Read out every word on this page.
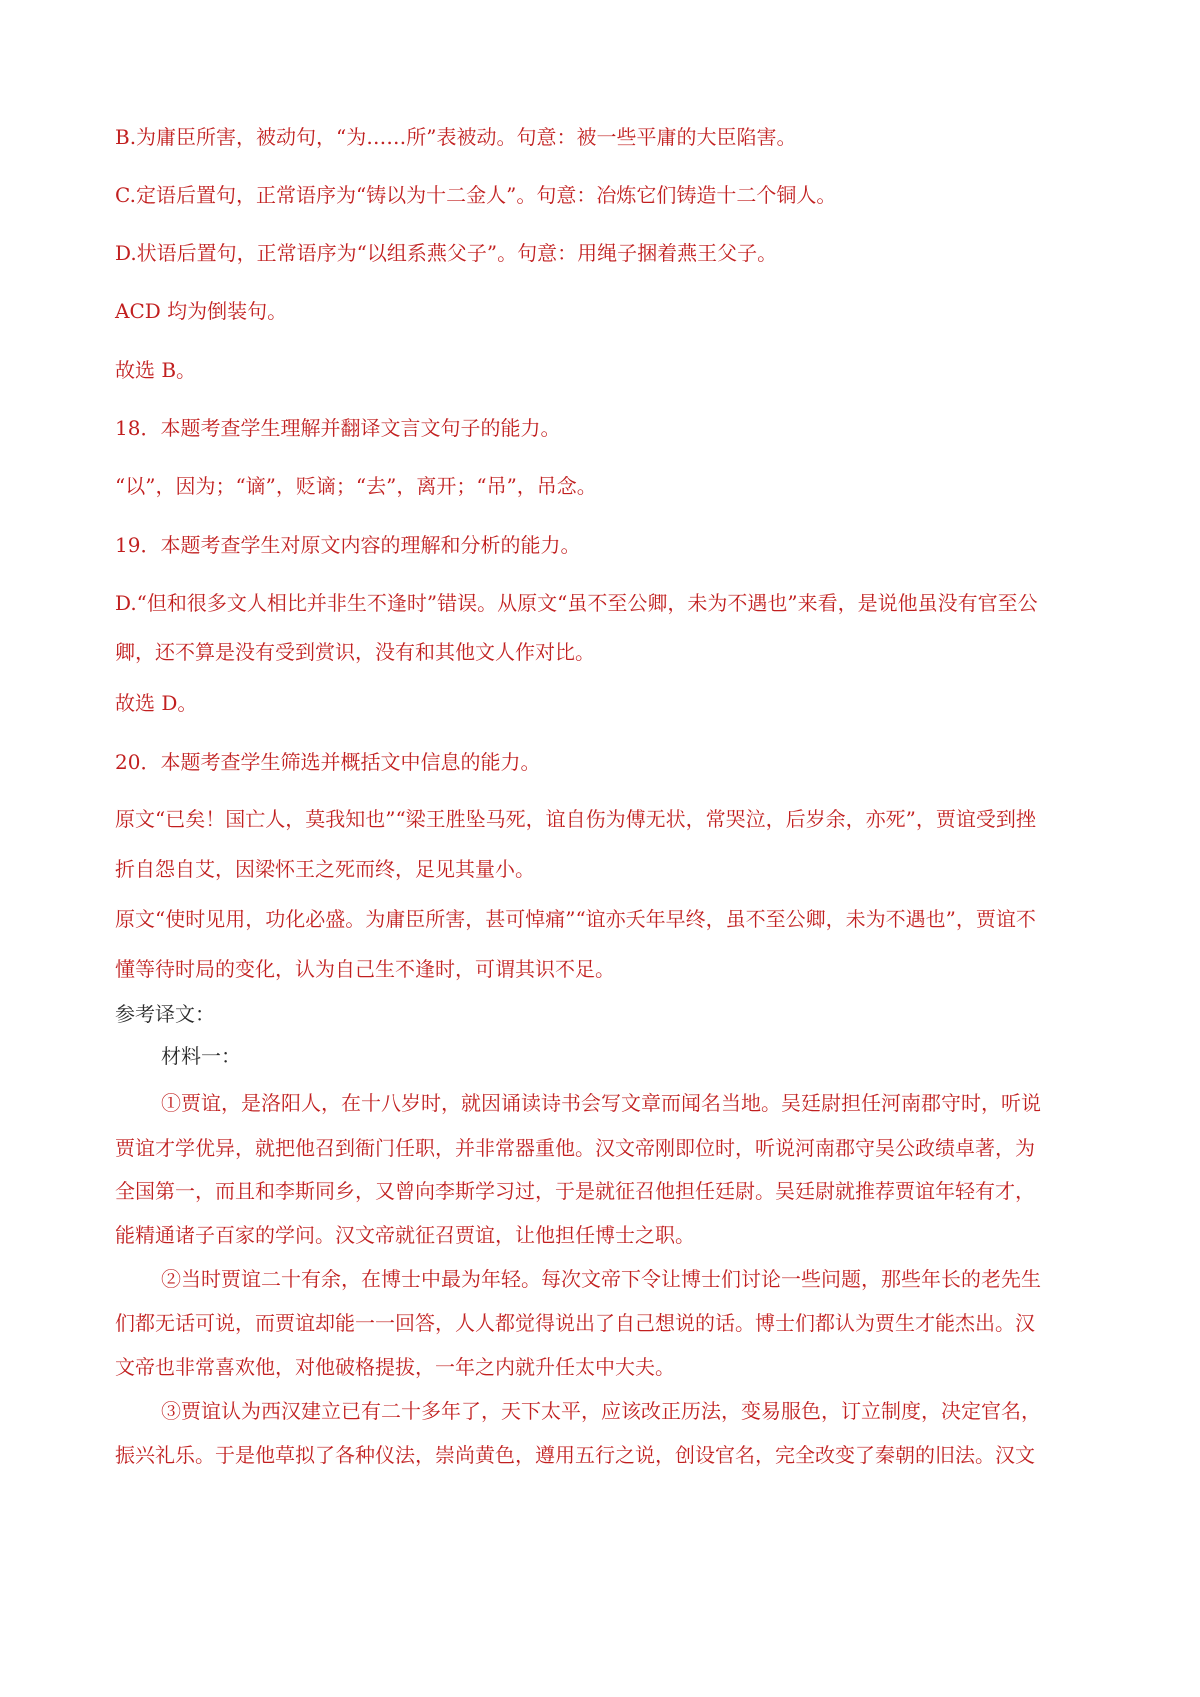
B.为庸臣所害，被动句，“为……所”表被动。句意：被一些平庸的大臣陷害。

C.定语后置句，正常语序为“铸以为十二金人”。句意：冶炼它们铸造十二个铜人。

D.状语后置句，正常语序为“以组系燕父子”。句意：用绳子捆着燕王父子。

ACD 均为倒装句。

故选 B。

18．本题考查学生理解并翻译文言文句子的能力。

“以”，因为；“谪”，贬谪；“去”，离开；“吊”，吊念。

19．本题考查学生对原文内容的理解和分析的能力。

D.“但和很多文人相比并非生不逢时”错误。从原文“虽不至公卿，未为不遇也”来看，是说他虽没有官至公

卿，还不算是没有受到赏识，没有和其他文人作对比。

故选 D。

20．本题考查学生筛选并概括文中信息的能力。

原文“已矣！国亡人，莫我知也”“梁王胜坠马死，谊自伤为傅无状，常哭泣，后岁余，亦死”，贾谊受到挫

折自怨自艾，因梁怀王之死而终，足见其量小。

原文“使时见用，功化必盛。为庸臣所害，甚可悼痛”“谊亦夭年早终，虽不至公卿，未为不遇也”，贾谊不

懂等待时局的变化，认为自己生不逢时，可谓其识不足。

参考译文：

材料一：

①贾谊，是洛阳人，在十八岁时，就因诵读诗书会写文章而闻名当地。吴廷尉担任河南郡守时，听说

贾谊才学优异，就把他召到衙门任职，并非常器重他。汉文帝刚即位时，听说河南郡守吴公政绩卓著，为

全国第一，而且和李斯同乡，又曾向李斯学习过，于是就征召他担任廷尉。吴廷尉就推荐贾谊年轻有才，

能精通诸子百家的学问。汉文帝就征召贾谊，让他担任博士之职。

②当时贾谊二十有余，在博士中最为年轻。每次文帝下令让博士们讨论一些问题，那些年长的老先生

们都无话可说，而贾谊却能一一回答，人人都觉得说出了自己想说的话。博士们都认为贾生才能杰出。汉

文帝也非常喜欢他，对他破格提拔，一年之内就升任太中大夫。

③贾谊认为西汉建立已有二十多年了，天下太平，应该改正历法，变易服色，订立制度，决定官名，

振兴礼乐。于是他草拟了各种仪法，崇尚黄色，遵用五行之说，创设官名，完全改变了秦朝的旧法。汉文
